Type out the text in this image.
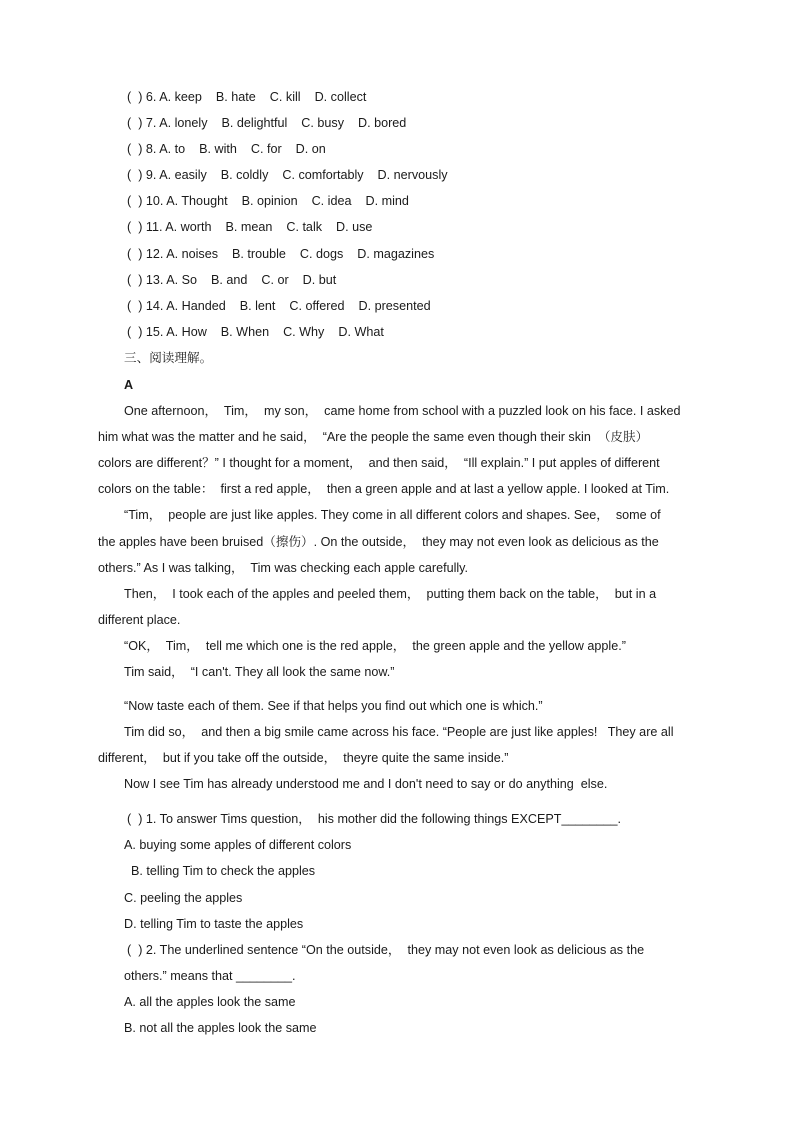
(  ) 6. A. keep    B. hate    C. kill    D. collect
(  ) 7. A. lonely    B. delightful    C. busy    D. bored
(  ) 8. A. to    B. with    C. for    D. on
(  ) 9. A. easily    B. coldly    C. comfortably    D. nervously
(  ) 10. A. Thought    B. opinion    C. idea    D. mind
(  ) 11. A. worth    B. mean    C. talk    D. use
(  ) 12. A. noises    B. trouble    C. dogs    D. magazines
(  ) 13. A. So    B. and    C. or    D. but
(  ) 14. A. Handed    B. lent    C. offered    D. presented
(  ) 15. A. How    B. When    C. Why    D. What
三、阅读理解。
A
One afternoon，  Tim，  my son，  came home from school with a puzzled look on his face. I asked
him what was the matter and he said，  “Are the people the same even though their skin  （皮肤）
colors are different？” I thought for a moment，  and then said，  “Ill explain.” I put apples of different
colors on the table：  first a red apple，  then a green apple and at last a yellow apple. I looked at Tim.
“Tim，  people are just like apples. They come in all different colors and shapes. See，  some of
the apples have been bruised（擦伤）. On the outside，  they may not even look as delicious as the
others.” As I was talking，  Tim was checking each apple carefully.
Then，  I took each of the apples and peeled them，  putting them back on the table，  but in a
different place.
“OK，  Tim，  tell me which one is the red apple，  the green apple and the yellow apple.”
Tim said，  “I can't. They all look the same now.”
“Now taste each of them. See if that helps you find out which one is which.”
Tim did so，  and then a big smile came across his face. “People are just like apples!   They are all
different，  but if you take off the outside，  theyre quite the same inside.”
Now I see Tim has already understood me and I don't need to say or do anything  else.
(  ) 1. To answer Tims question，  his mother did the following things EXCEPT________.
A. buying some apples of different colors
B. telling Tim to check the apples
C. peeling the apples
D. telling Tim to taste the apples
(  ) 2. The underlined sentence “On the outside，  they may not even look as delicious as the
others.” means that ________.
A. all the apples look the same
B. not all the apples look the same
